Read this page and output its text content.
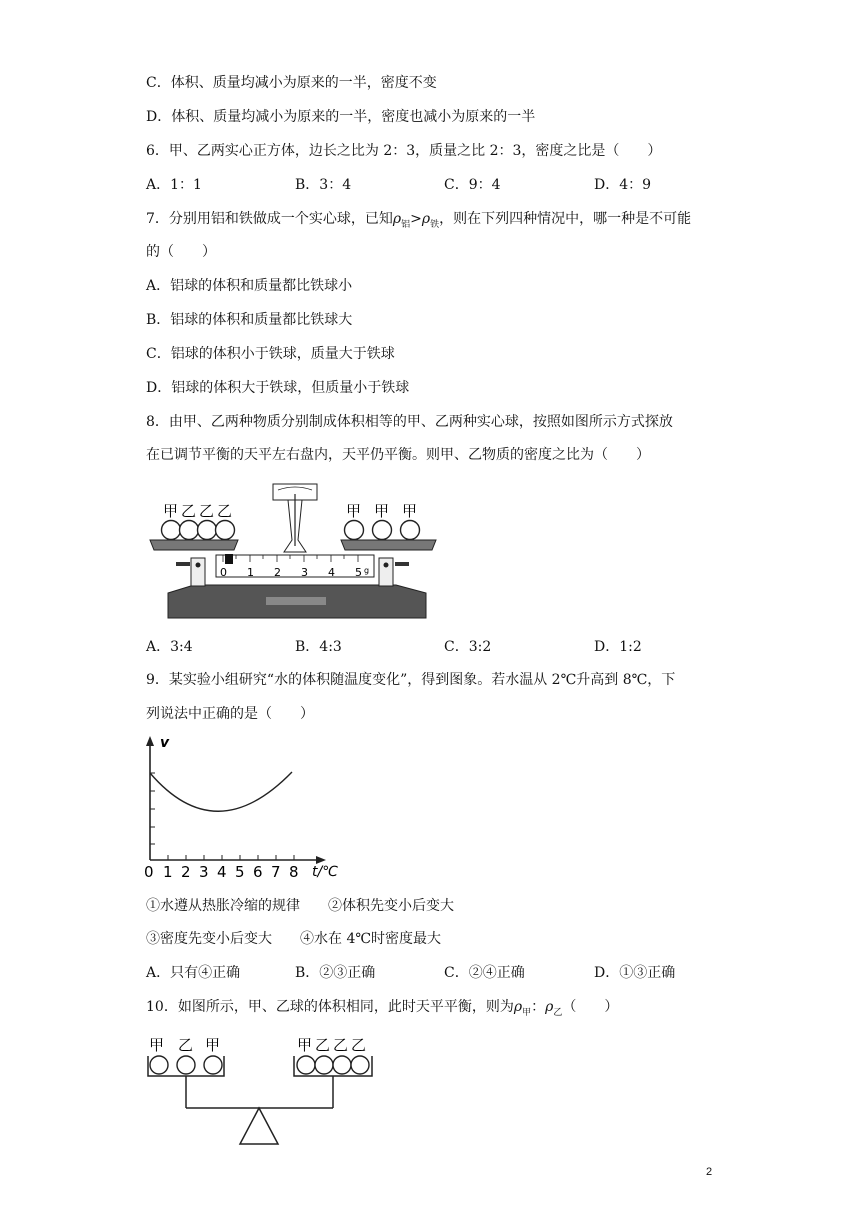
C．体积、质量均减小为原来的一半，密度不变
D．体积、质量均减小为原来的一半，密度也减小为原来的一半
6．甲、乙两实心正方体，边长之比为 2：3，质量之比 2：3，密度之比是（　　）
A．1：1	B．3：4	C．9：4	D．4：9
7．分别用铝和铁做成一个实心球，已知$\rho_铝>\rho_铁$，则在下列四种情况中，哪一种是不可能
的（　　）
A．铝球的体积和质量都比铁球小
B．铝球的体积和质量都比铁球大
C．铝球的体积小于铁球，质量大于铁球
D．铝球的体积大于铁球，但质量小于铁球
8．由甲、乙两种物质分别制成体积相等的甲、乙两种实心球，按照如图所示方式探放
在已调节平衡的天平左右盘内，天平仍平衡。则甲、乙物质的密度之比为（　　）
0 1 2 3 4 5 g
甲 乙 乙 乙	甲 甲 甲
A．3:4	B．4:3	C．3:2	D．1:2
9．某实验小组研究“水的体积随温度变化”，得到图象。若水温从 2℃升高到 8℃，下
列说法中正确的是（　　）
v
t/℃
0 1 2 3 4 5 6 7 8
①水遵从热胀冷缩的规律　　②体积先变小后变大
③密度先变小后变大　　④水在 4℃时密度最大
A．只有④正确	B．②③正确	C．②④正确	D．①③正确
10．如图所示，甲、乙球的体积相同，此时天平平衡，则为$\rho_甲$：$\rho_乙$（　　）
甲 乙 甲	甲 乙 乙 乙
2
